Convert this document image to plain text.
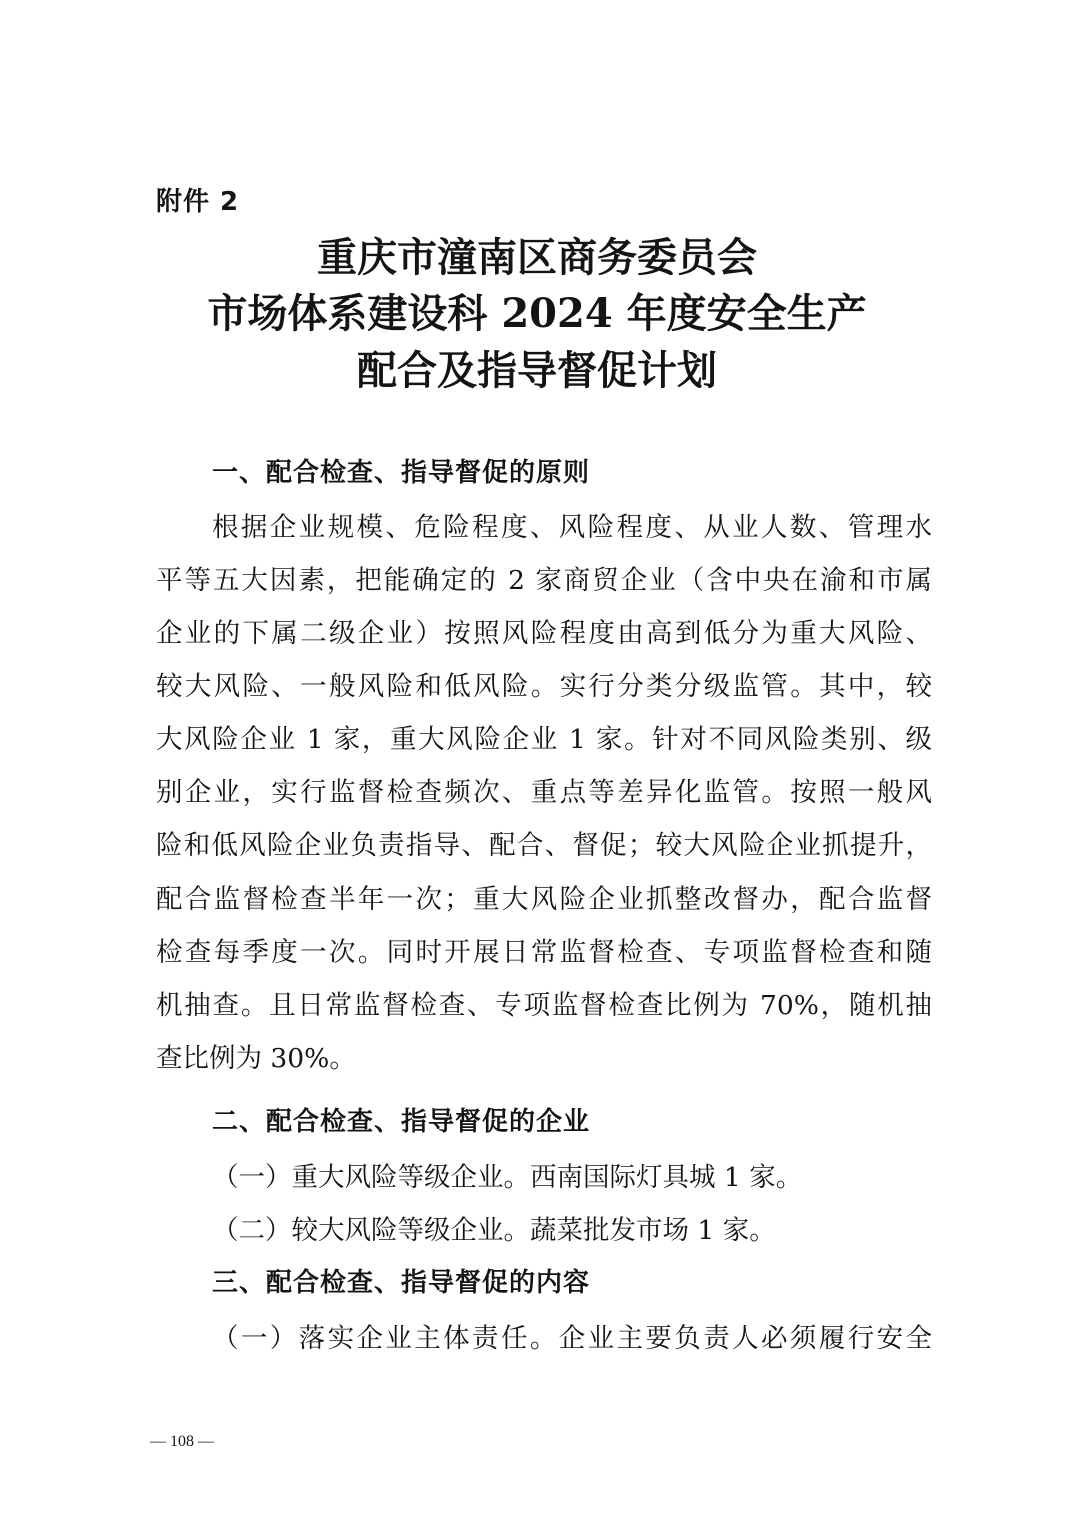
附件 2
重庆市潼南区商务委员会
市场体系建设科 2024 年度安全生产
配合及指导督促计划
一、配合检查、指导督促的原则
根据企业规模、危险程度、风险程度、从业人数、管理水
平等五大因素，把能确定的 2 家商贸企业（含中央在渝和市属
企业的下属二级企业）按照风险程度由高到低分为重大风险、
较大风险、一般风险和低风险。实行分类分级监管。其中，较
大风险企业 1 家，重大风险企业 1 家。针对不同风险类别、级
别企业，实行监督检查频次、重点等差异化监管。按照一般风
险和低风险企业负责指导、配合、督促；较大风险企业抓提升，
配合监督检查半年一次；重大风险企业抓整改督办，配合监督
检查每季度一次。同时开展日常监督检查、专项监督检查和随
机抽查。且日常监督检查、专项监督检查比例为 70%，随机抽
查比例为 30%。
二、配合检查、指导督促的企业
（一）重大风险等级企业。西南国际灯具城 1 家。
（二）较大风险等级企业。蔬菜批发市场 1 家。
三、配合检查、指导督促的内容
（一）落实企业主体责任。企业主要负责人必须履行安全
— 108 —
